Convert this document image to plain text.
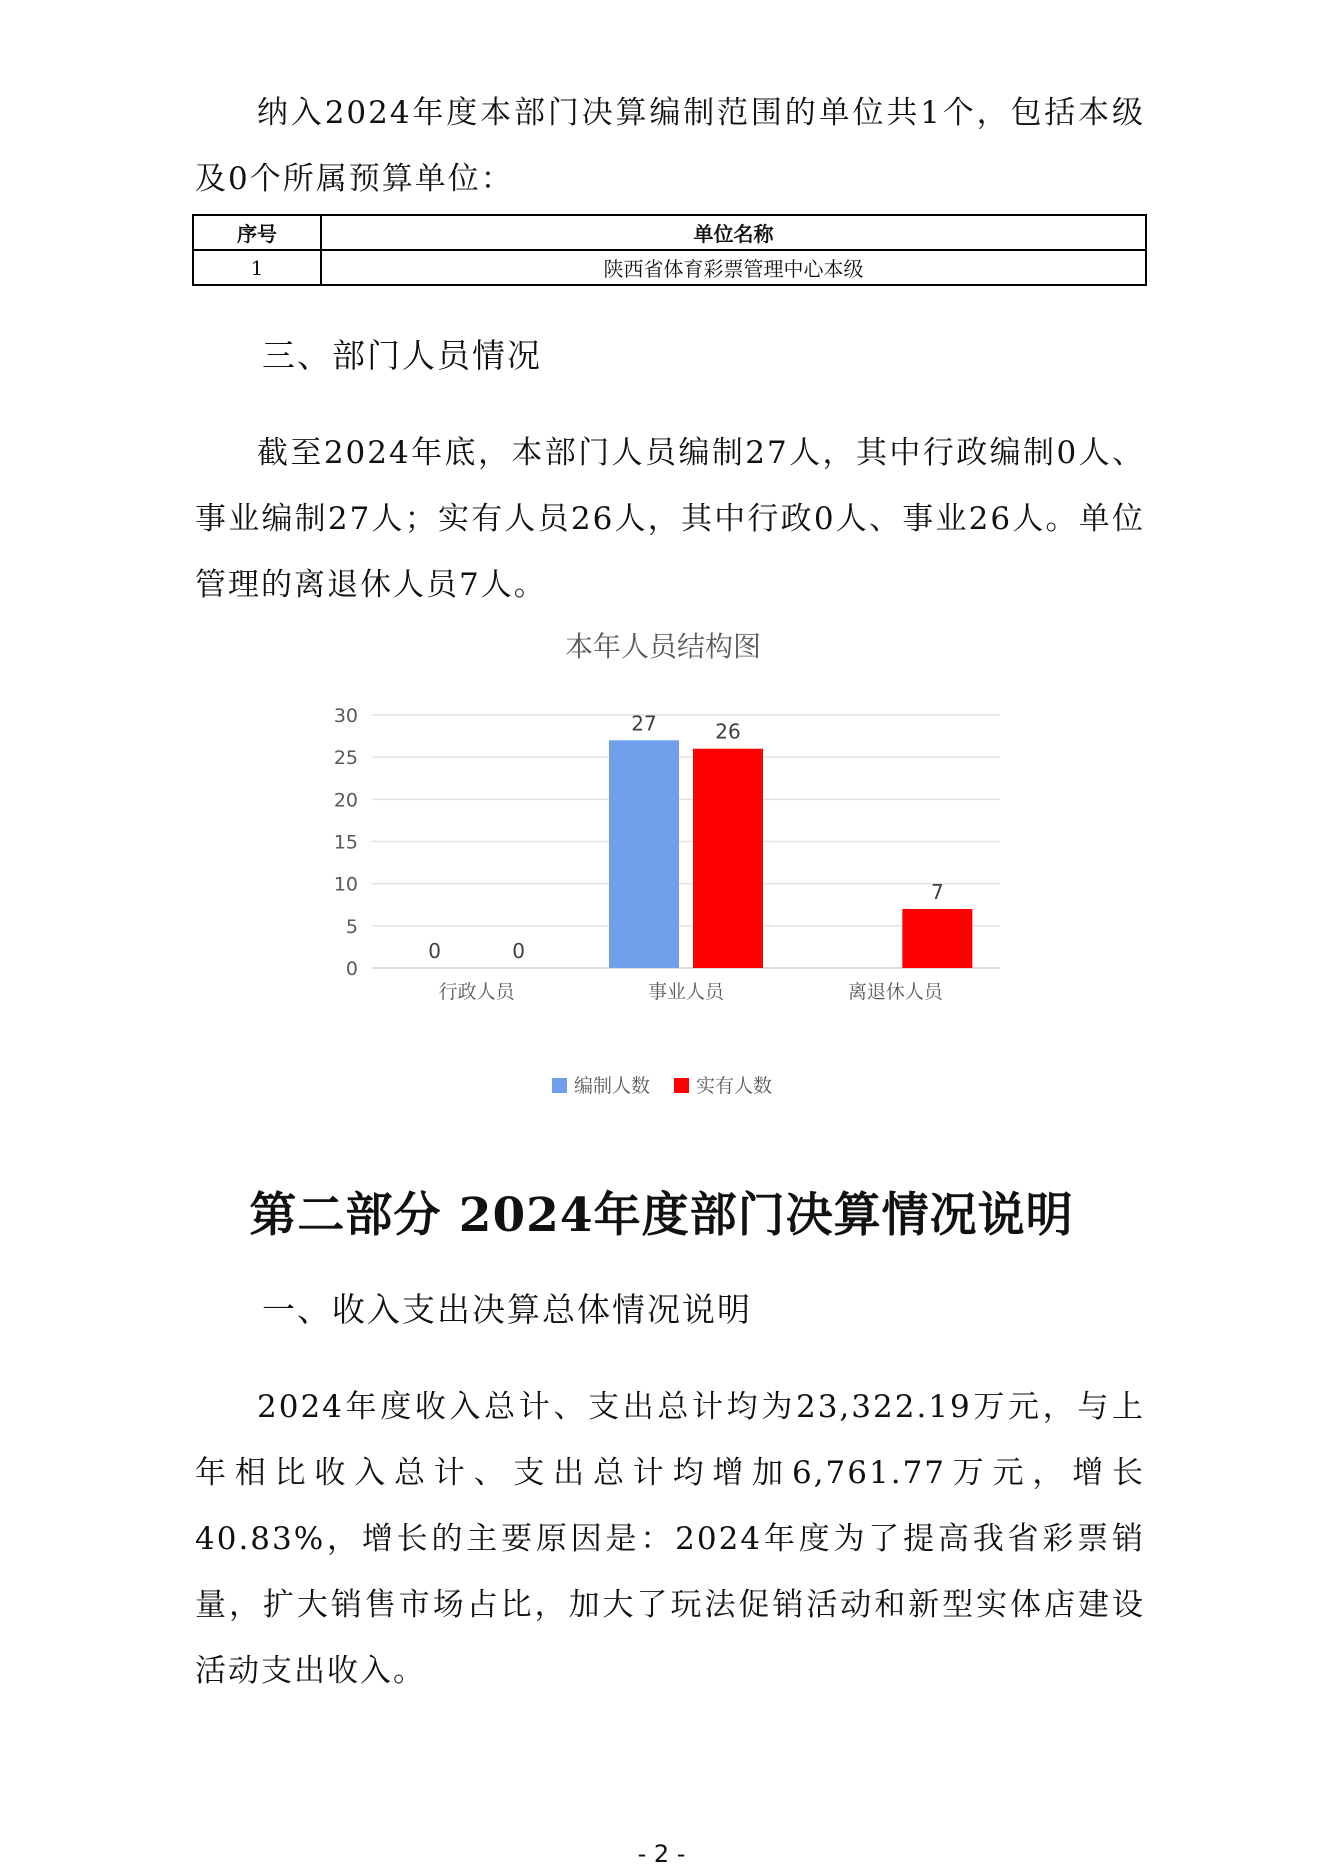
纳入2024年度本部门决算编制范围的单位共1个，包括本级及0个所属预算单位：

序号	单位名称
1	陕西省体育彩票管理中心本级
三、部门人员情况

截至2024年底，本部门人员编制27人，其中行政编制0人、事业编制27人；实有人员26人，其中行政0人、事业26人。单位管理的离退休人员7人。

本年人员结构图
0
5
10
15
20
25
30
0	0
27	26
7
行政人员	事业人员	离退休人员
编制人数 实有人数
第二部分 2024年度部门决算情况说明
一、收入支出决算总体情况说明

2024年度收入总计、支出总计均为23,322.19万元，与上年相比收入总计、支出总计均增加6,761.77万元，增长40.83%，增长的主要原因是：2024年度为了提高我省彩票销量，扩大销售市场占比，加大了玩法促销活动和新型实体店建设活动支出收入。

- 2 -
